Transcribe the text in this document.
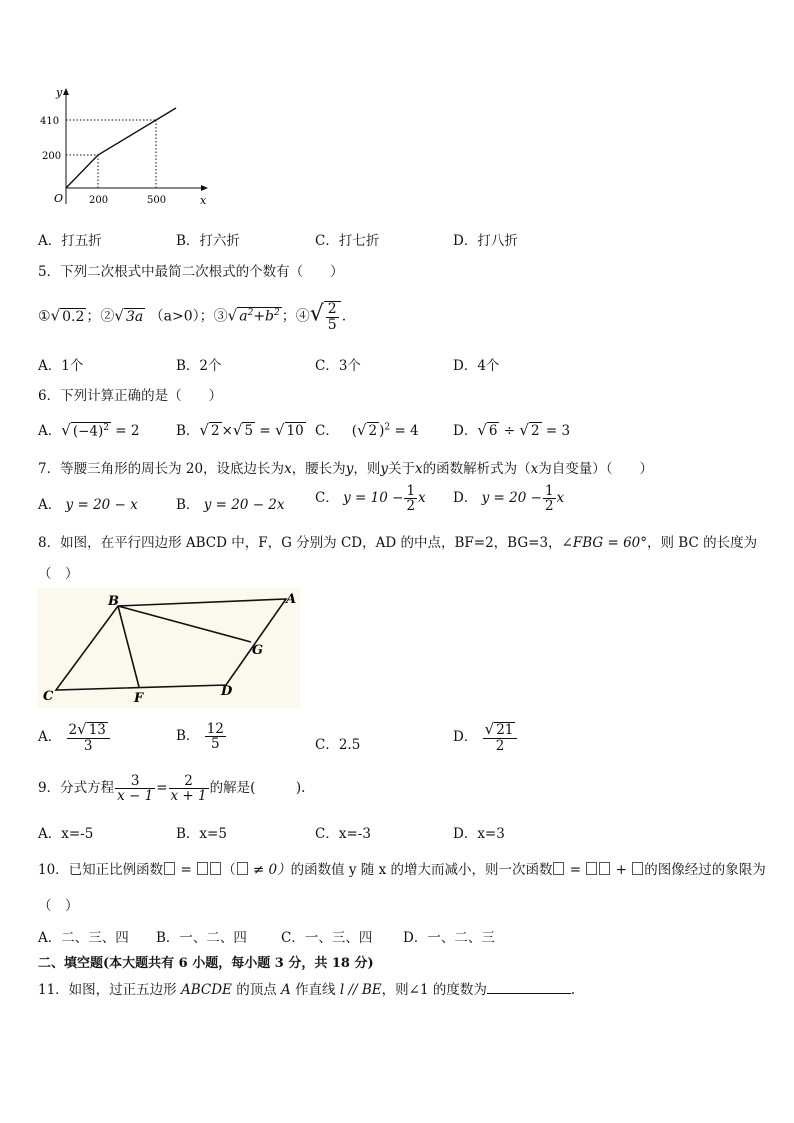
y
x
O
410
200
200	500
A．打五折	B．打六折	C．打七折	D．打八折
5．下列二次根式中最简二次根式的个数有（　　）
①√ 0.2 ；②√ 3a （a>0）；③√ $a^2+b^2$ ；④√ $\frac{2}{5}$ .
A．1个	B．2个	C．3个	D．4个
6．下列计算正确的是（　　）
A．√ $(-4)^2 = 2$	B．√ 2 ×√ 5 = √ 10 C．   (√ 2 )$^2$ = 4	D．√ 6 ÷ √ 2 = 3
7．等腰三角形的周长为 20，设底边长为x，腰长为y，则y关于x的函数解析式为（x为自变量）（　　）
A． y = 20 − x	B． y = 20 − 2x C． $y = 10 - \frac{1}{2}$ x D． $y = 20 - \frac{1}{2}$ x
8．如图，在平行四边形 ABCD 中，F，G 分别为 CD，AD 的中点，BF=2，BG=3，∠FBG = 60°，则 BC 的长度为
（　）
B	A
G
C	F	D
A． $\frac{2√ 13}{3}$	B． $\frac{12}{5}$	C．2.5
D． $\frac{√ 21}{2}$
9．分式方程 $\frac{3}{x - 1} = \frac{2}{x + 1}$ 的解是(　　　).
A．x=-5	B．x=5	C．x=-3	D．x=3
10．已知正比例函数 = （ ≠ 0）的函数值 y 随 x 的增大而减小，则一次函数 =  + 的图像经过的象限为
（　）
A．二、三、四 B．一、二、四	C．一、三、四 D．一、二、三
二、填空题(本大题共有 6 小题，每小题 3 分，共 18 分)
11．如图，过正五边形 ABCDE 的顶点 A 作直线 l // BE，则∠1 的度数为	.
